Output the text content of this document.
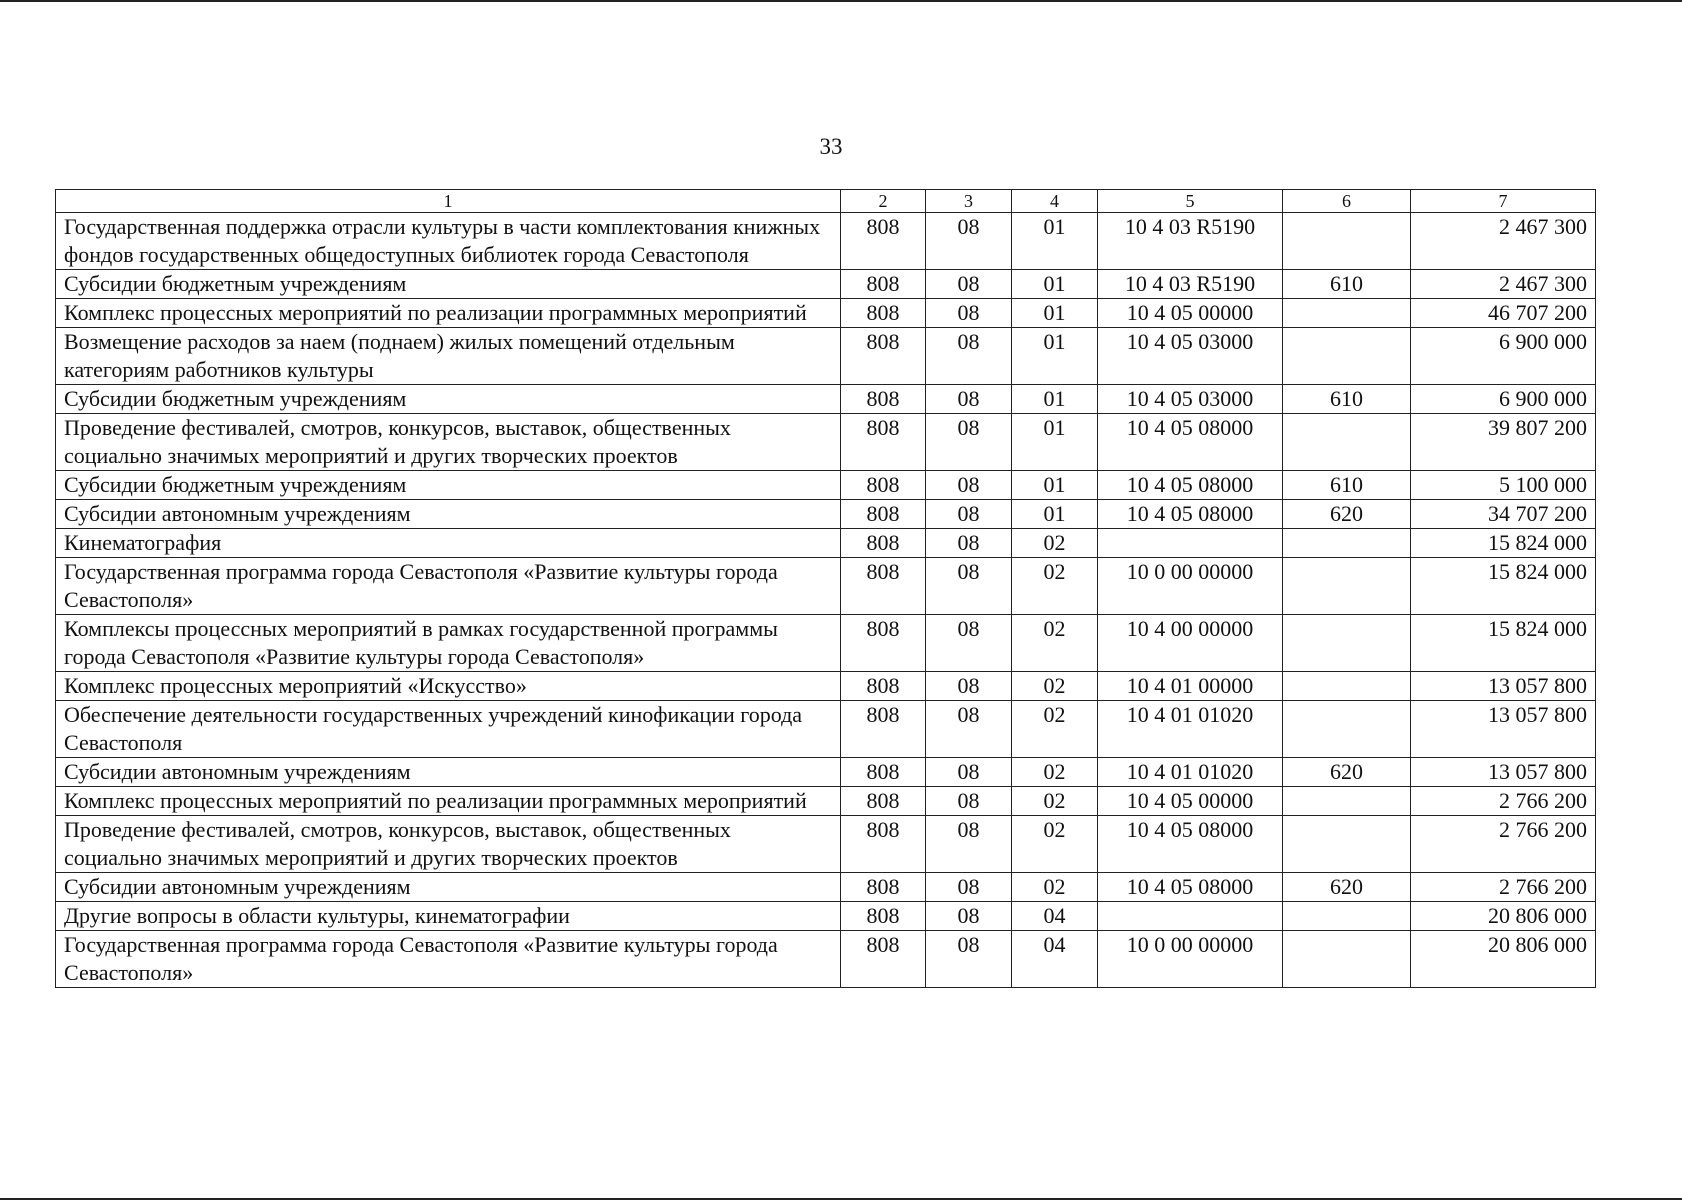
33
1	2	3	4	5	6	7
Государственная поддержка отрасли культуры в части комплектования книжных фондов государственных общедоступных библиотек города Севастополя	808	08	01	10 4 03 R5190		2 467 300
Субсидии бюджетным учреждениям	808	08	01	10 4 03 R5190	610	2 467 300
Комплекс процессных мероприятий по реализации программных мероприятий	808	08	01	10 4 05 00000		46 707 200
Возмещение расходов за наем (поднаем) жилых помещений отдельным категориям работников культуры	808	08	01	10 4 05 03000		6 900 000
Субсидии бюджетным учреждениям	808	08	01	10 4 05 03000	610	6 900 000
Проведение фестивалей, смотров, конкурсов, выставок, общественных социально значимых мероприятий и других творческих проектов	808	08	01	10 4 05 08000		39 807 200
Субсидии бюджетным учреждениям	808	08	01	10 4 05 08000	610	5 100 000
Субсидии автономным учреждениям	808	08	01	10 4 05 08000	620	34 707 200
Кинематография	808	08	02			15 824 000
Государственная программа города Севастополя «Развитие культуры города Севастополя»	808	08	02	10 0 00 00000		15 824 000
Комплексы процессных мероприятий в рамках государственной программы города Севастополя «Развитие культуры города Севастополя»	808	08	02	10 4 00 00000		15 824 000
Комплекс процессных мероприятий «Искусство»	808	08	02	10 4 01 00000		13 057 800
Обеспечение деятельности государственных учреждений кинофикации города Севастополя	808	08	02	10 4 01 01020		13 057 800
Субсидии автономным учреждениям	808	08	02	10 4 01 01020	620	13 057 800
Комплекс процессных мероприятий по реализации программных мероприятий	808	08	02	10 4 05 00000		2 766 200
Проведение фестивалей, смотров, конкурсов, выставок, общественных социально значимых мероприятий и других творческих проектов	808	08	02	10 4 05 08000		2 766 200
Субсидии автономным учреждениям	808	08	02	10 4 05 08000	620	2 766 200
Другие вопросы в области культуры, кинематографии	808	08	04			20 806 000
Государственная программа города Севастополя «Развитие культуры города Севастополя»	808	08	04	10 0 00 00000		20 806 000
